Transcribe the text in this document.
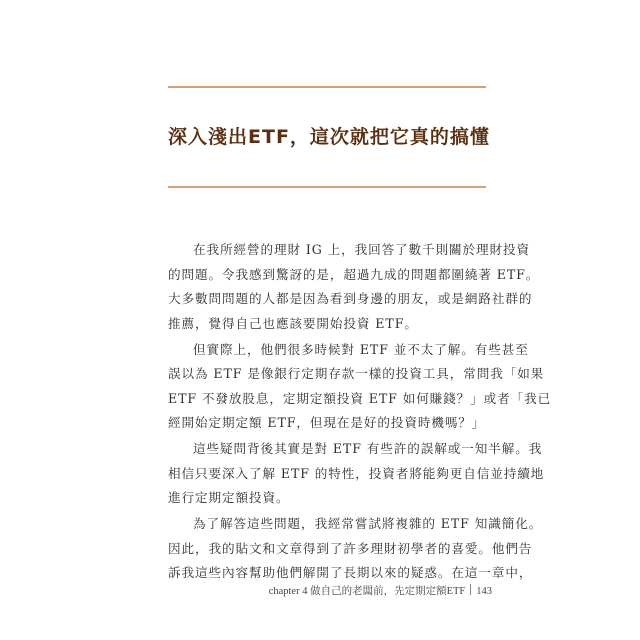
深入淺出ETF，這次就把它真的搞懂
在我所經營的理財 IG 上，我回答了數千則關於理財投資
的問題。令我感到驚訝的是，超過九成的問題都圍繞著 ETF。
大多數問問題的人都是因為看到身邊的朋友，或是網路社群的
推薦，覺得自己也應該要開始投資 ETF。
但實際上，他們很多時候對 ETF 並不太了解。有些甚至
誤以為 ETF 是像銀行定期存款一樣的投資工具，常問我「如果
ETF 不發放股息，定期定額投資 ETF 如何賺錢？」或者「我已
經開始定期定額 ETF，但現在是好的投資時機嗎？」
這些疑問背後其實是對 ETF 有些許的誤解或一知半解。我
相信只要深入了解 ETF 的特性，投資者將能夠更自信並持續地
進行定期定額投資。
為了解答這些問題，我經常嘗試將複雜的 ETF 知識簡化。
因此，我的貼文和文章得到了許多理財初學者的喜愛。他們告
訴我這些內容幫助他們解開了長期以來的疑惑。在這一章中，
chapter 4 做自己的老闆前，先定期定額ETF 143
